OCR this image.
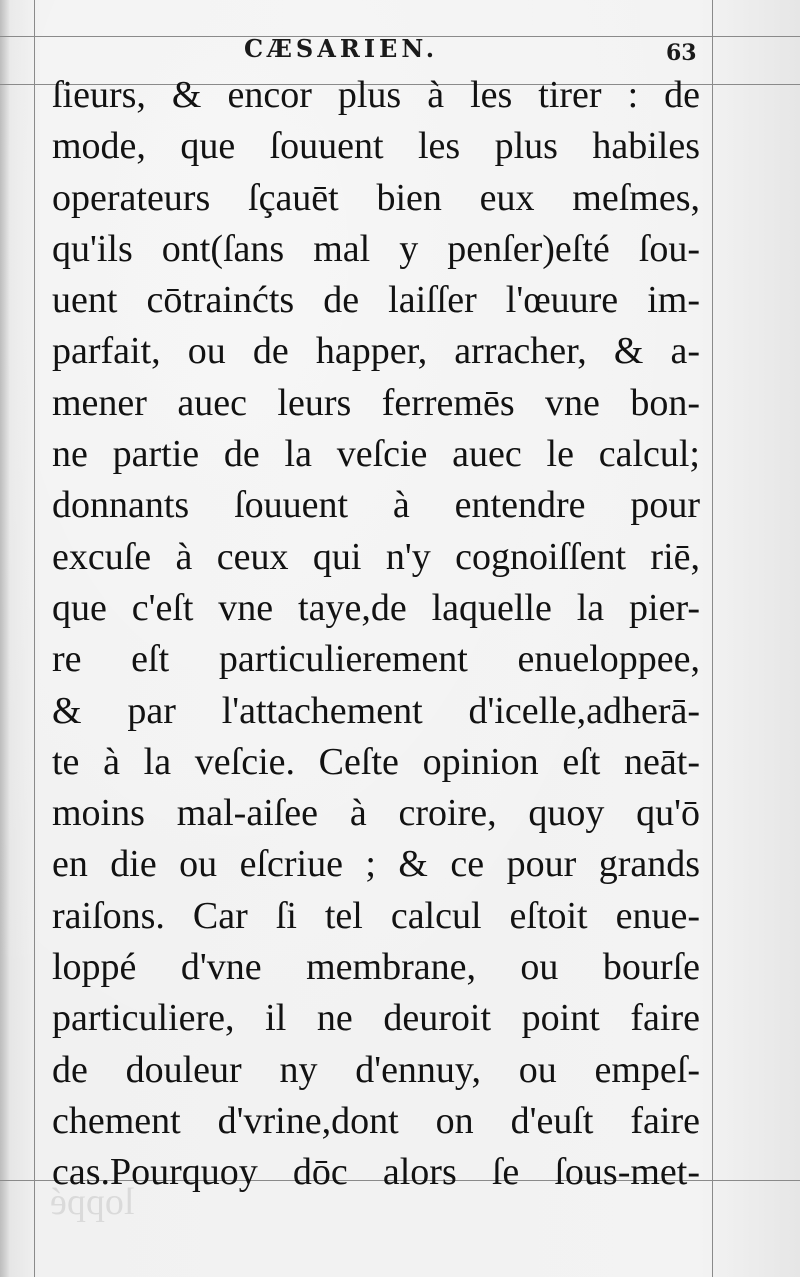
CÆSARIEN.	63
ſieurs, & encor plus à les tirer : de
mode, que ſouuent les plus habiles
operateurs ſçauēt bien eux meſmes,
qu'ils ont(ſans mal y penſer)eſté ſou-
uent cōtrainćts de laiſſer l'œuure im-
parfait, ou de happer, arracher, & a-
mener auec leurs ferremēs vne bon-
ne partie de la veſcie auec le calcul;
donnants ſouuent à entendre pour
excuſe à ceux qui n'y cognoiſſent riē,
que c'eſt vne taye,de laquelle la pier-
re eſt particulierement enueloppee,
& par l'attachement d'icelle,adherā-
te à la veſcie. Ceſte opinion eſt neāt-
moins mal-aiſee à croire, quoy qu'ō
en die ou eſcriue ; & ce pour grands
raiſons. Car ſi tel calcul eſtoit enue-
loppé d'vne membrane, ou bourſe
particuliere, il ne deuroit point faire
de douleur ny d'ennuy, ou empeſ-
chement d'vrine,dont on d'euſt faire
cas.Pourquoy dōc alors ſe ſous-met-
loppé
